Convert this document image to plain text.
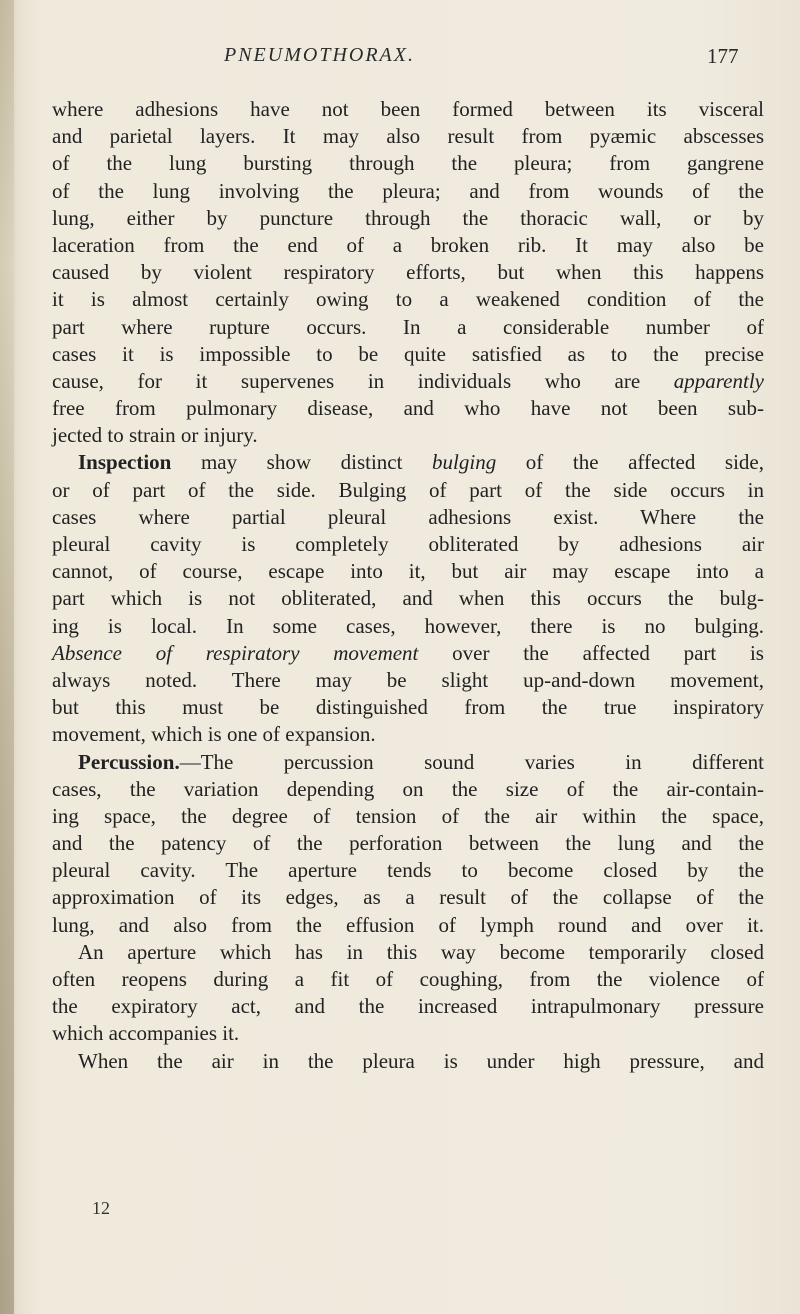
PNEUMOTHORAX.	177
where adhesions have not been formed between its visceral
and parietal layers. It may also result from pyæmic abscesses
of the lung bursting through the pleura; from gangrene
of the lung involving the pleura; and from wounds of the
lung, either by puncture through the thoracic wall, or by
laceration from the end of a broken rib. It may also be
caused by violent respiratory efforts, but when this happens
it is almost certainly owing to a weakened condition of the
part where rupture occurs. In a considerable number of
cases it is impossible to be quite satisfied as to the precise
cause, for it supervenes in individuals who are apparently
free from pulmonary disease, and who have not been sub-
jected to strain or injury.
Inspection may show distinct bulging of the affected side,
or of part of the side. Bulging of part of the side occurs in
cases where partial pleural adhesions exist. Where the
pleural cavity is completely obliterated by adhesions air
cannot, of course, escape into it, but air may escape into a
part which is not obliterated, and when this occurs the bulg-
ing is local. In some cases, however, there is no bulging.
Absence of respiratory movement over the affected part is
always noted. There may be slight up-and-down movement,
but this must be distinguished from the true inspiratory
movement, which is one of expansion.
Percussion.—The percussion sound varies in different
cases, the variation depending on the size of the air-contain-
ing space, the degree of tension of the air within the space,
and the patency of the perforation between the lung and the
pleural cavity. The aperture tends to become closed by the
approximation of its edges, as a result of the collapse of the
lung, and also from the effusion of lymph round and over it.
An aperture which has in this way become temporarily closed
often reopens during a fit of coughing, from the violence of
the expiratory act, and the increased intrapulmonary pressure
which accompanies it.
When the air in the pleura is under high pressure, and
12
